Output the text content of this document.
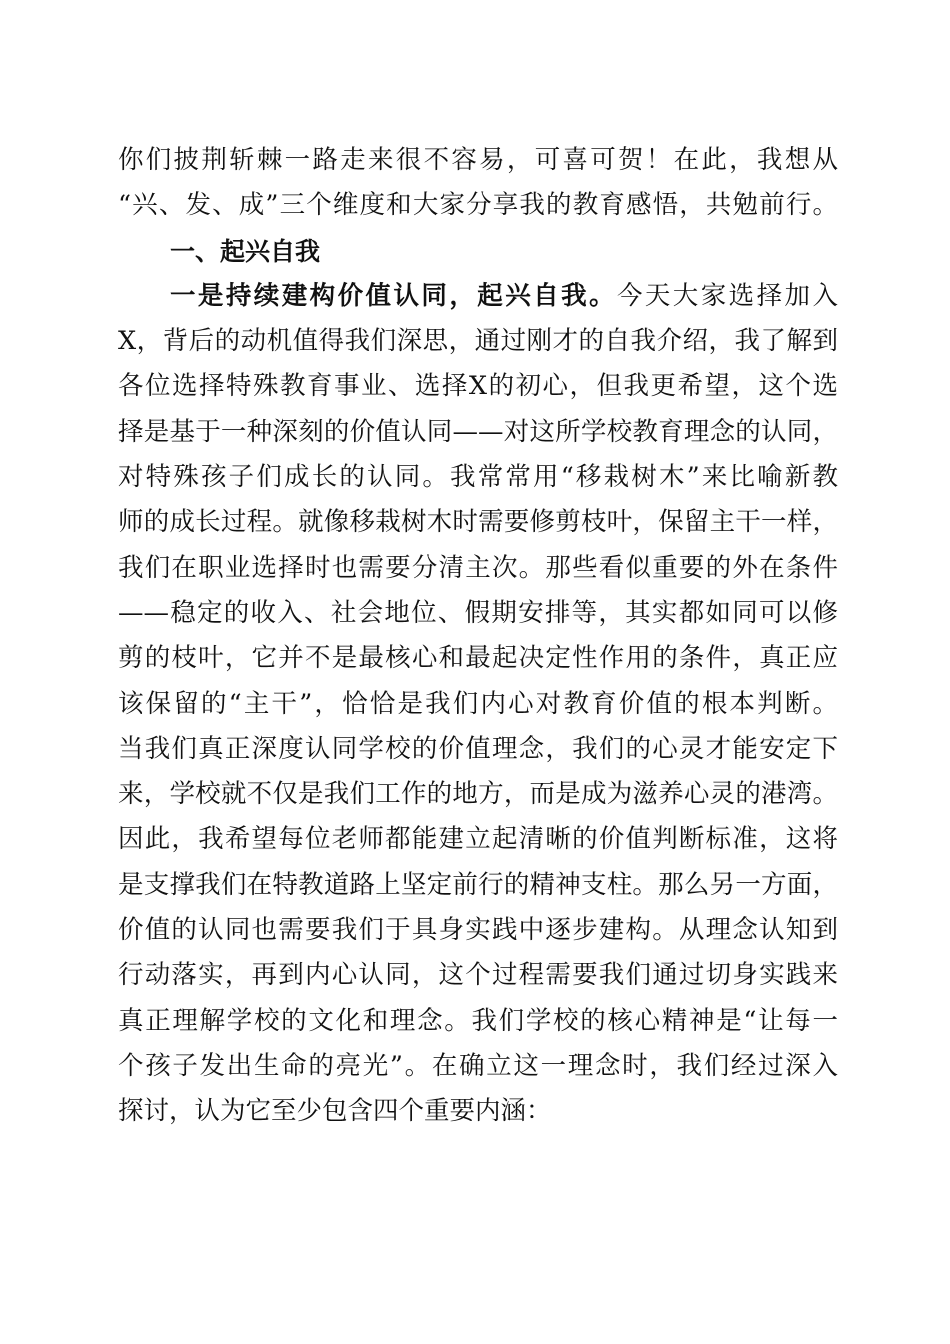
你们披荆斩棘一路走来很不容易，可喜可贺！在此，我想从
“兴、发、成”三个维度和大家分享我的教育感悟，共勉前行。
一、起兴自我
一是持续建构价值认同，起兴自我。今天大家选择加入
X，背后的动机值得我们深思，通过刚才的自我介绍，我了解到
各位选择特殊教育事业、选择X的初心，但我更希望，这个选
择是基于一种深刻的价值认同——对这所学校教育理念的认同，
对特殊孩子们成长的认同。我常常用“移栽树木”来比喻新教
师的成长过程。就像移栽树木时需要修剪枝叶，保留主干一样，
我们在职业选择时也需要分清主次。那些看似重要的外在条件
——稳定的收入、社会地位、假期安排等，其实都如同可以修
剪的枝叶，它并不是最核心和最起决定性作用的条件，真正应
该保留的“主干”，恰恰是我们内心对教育价值的根本判断。
当我们真正深度认同学校的价值理念，我们的心灵才能安定下
来，学校就不仅是我们工作的地方，而是成为滋养心灵的港湾。
因此，我希望每位老师都能建立起清晰的价值判断标准，这将
是支撑我们在特教道路上坚定前行的精神支柱。那么另一方面，
价值的认同也需要我们于具身实践中逐步建构。从理念认知到
行动落实，再到内心认同，这个过程需要我们通过切身实践来
真正理解学校的文化和理念。我们学校的核心精神是“让每一
个孩子发出生命的亮光”。在确立这一理念时，我们经过深入
探讨，认为它至少包含四个重要内涵：
